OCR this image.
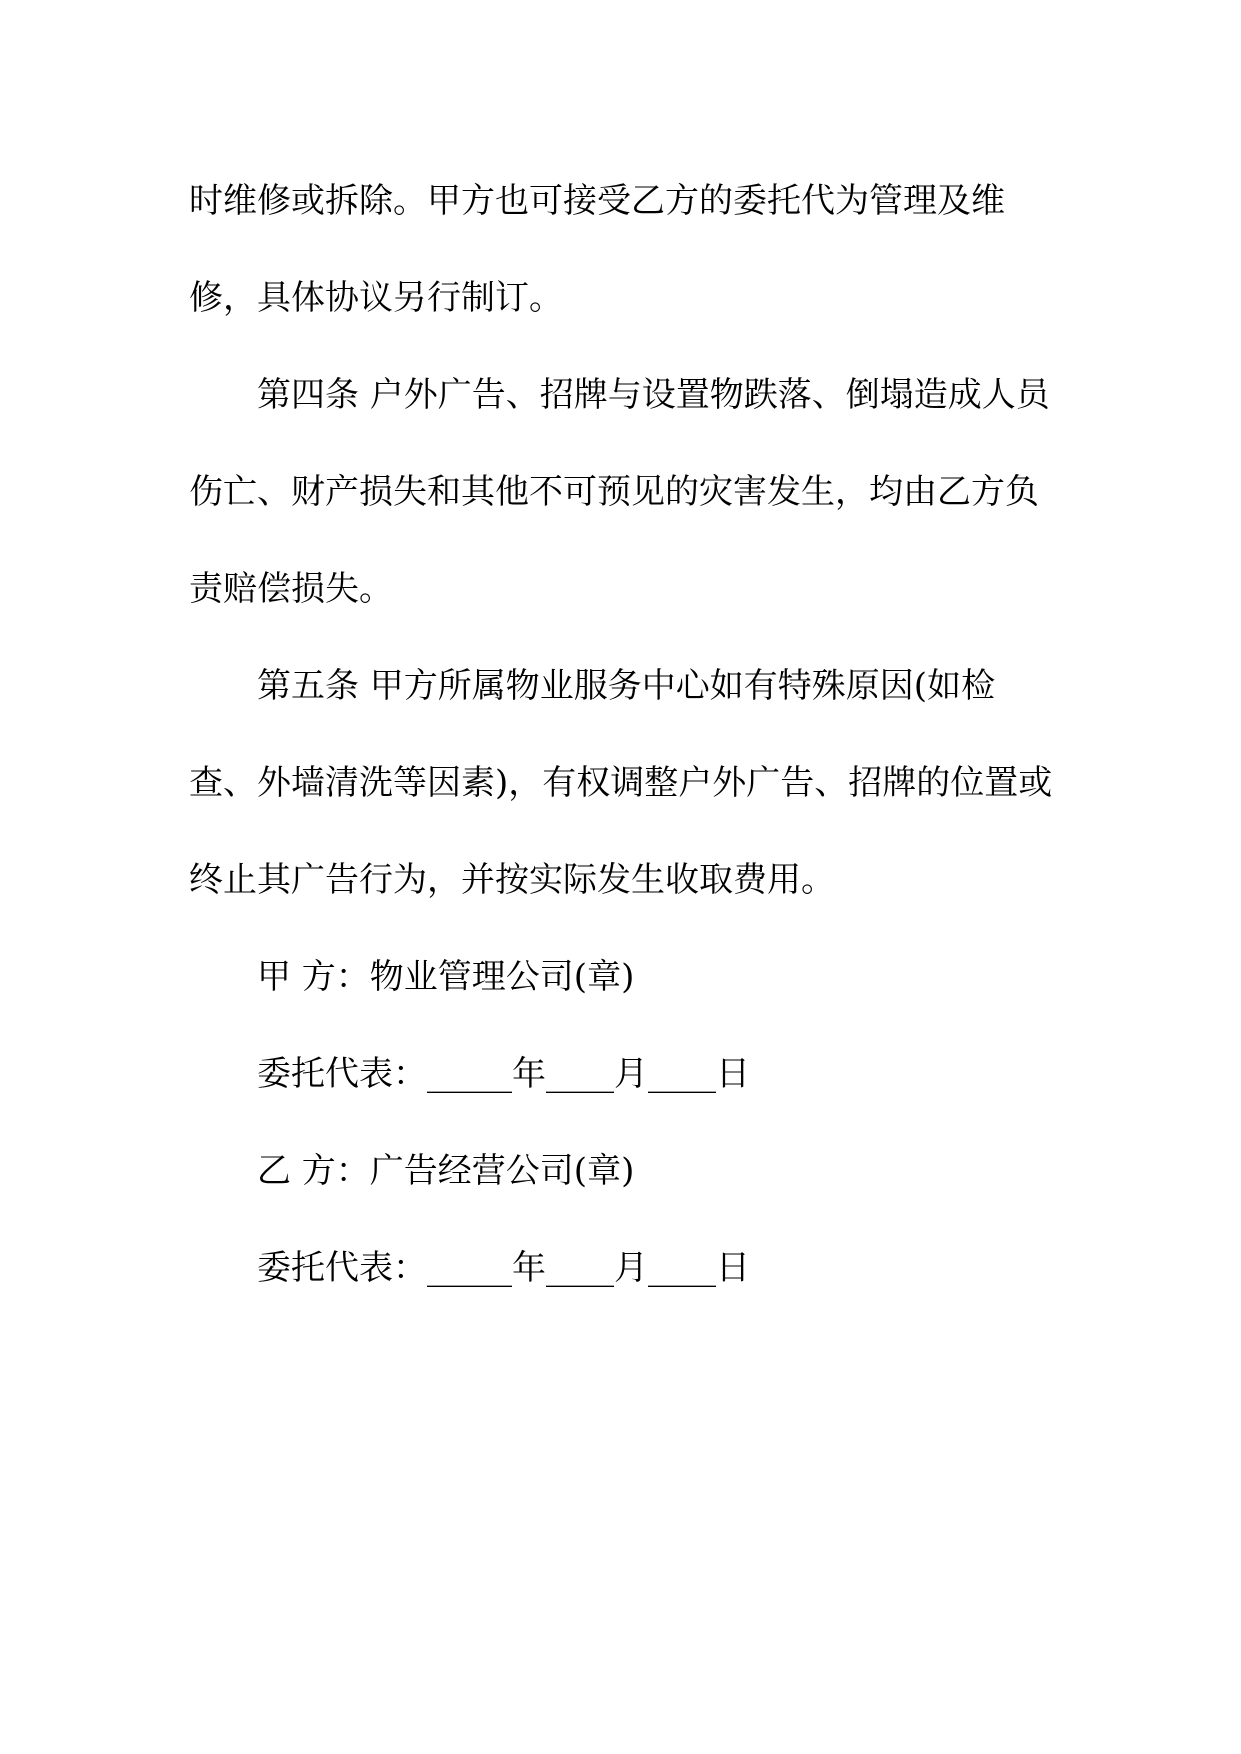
时维修或拆除。甲方也可接受乙方的委托代为管理及维

修，具体协议另行制订。

第四条 户外广告、招牌与设置物跌落、倒塌造成人员

伤亡、财产损失和其他不可预见的灾害发生，均由乙方负

责赔偿损失。

第五条 甲方所属物业服务中心如有特殊原因(如检

查、外墙清洗等因素)，有权调整户外广告、招牌的位置或

终止其广告行为，并按实际发生收取费用。

甲 方：物业管理公司(章)

委托代表：_____年____月____日

乙 方：广告经营公司(章)

委托代表：_____年____月____日
